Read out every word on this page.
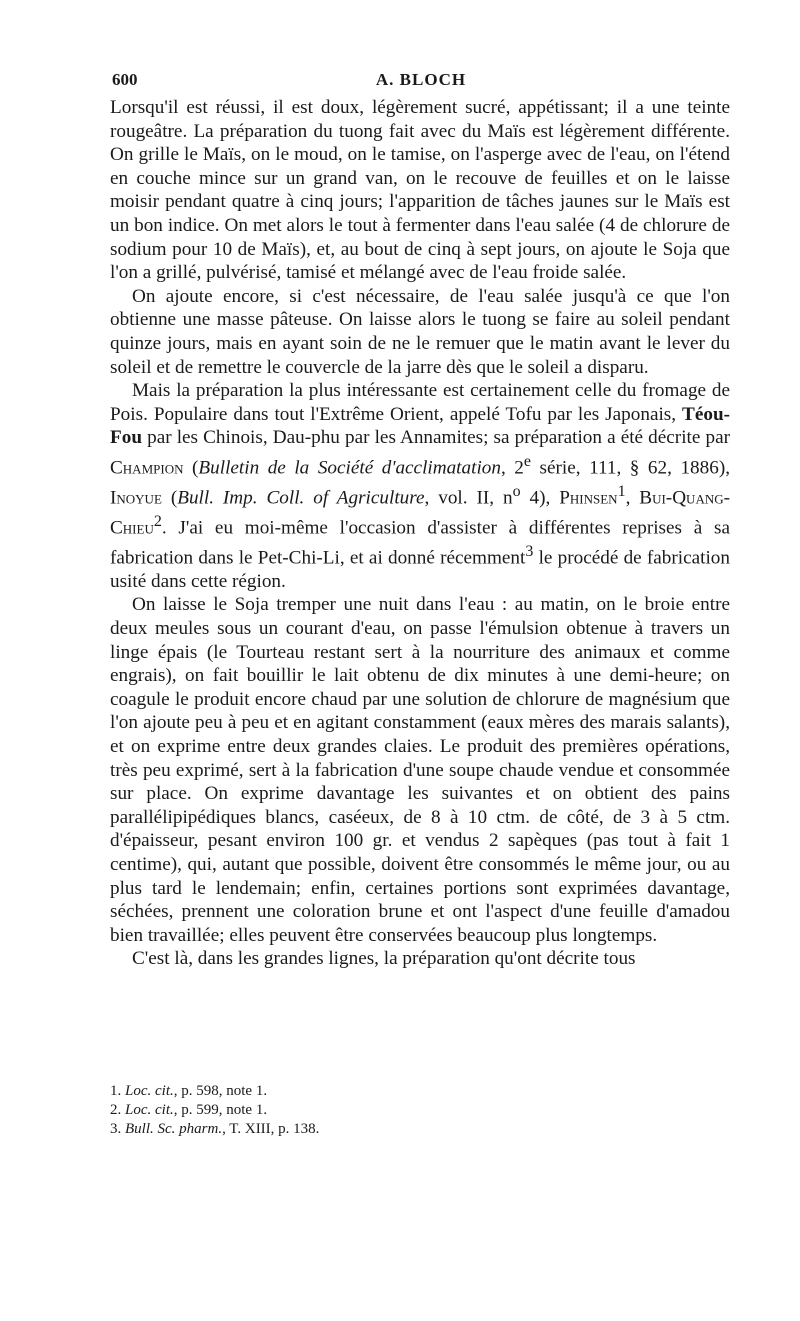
600	A. BLOCH

Lorsqu'il est réussi, il est doux, légèrement sucré, appétissant; il a une teinte rougeâtre. La préparation du tuong fait avec du Maïs est légèrement différente. On grille le Maïs, on le moud, on le tamise, on l'asperge avec de l'eau, on l'étend en couche mince sur un grand van, on le recouve de feuilles et on le laisse moisir pendant quatre à cinq jours; l'apparition de tâches jaunes sur le Maïs est un bon indice. On met alors le tout à fermenter dans l'eau salée (4 de chlorure de sodium pour 10 de Maïs), et, au bout de cinq à sept jours, on ajoute le Soja que l'on a grillé, pulvérisé, tamisé et mélangé avec de l'eau froide salée.

On ajoute encore, si c'est nécessaire, de l'eau salée jusqu'à ce que l'on obtienne une masse pâteuse. On laisse alors le tuong se faire au soleil pendant quinze jours, mais en ayant soin de ne le remuer que le matin avant le lever du soleil et de remettre le couvercle de la jarre dès que le soleil a disparu.

Mais la préparation la plus intéressante est certainement celle du fromage de Pois. Populaire dans tout l'Extrême Orient, appelé Tofu par les Japonais, Téou-Fou par les Chinois, Dau-phu par les Annamites; sa préparation a été décrite par Champion (Bulletin de la Société d'acclimatation, 2e série, 111, § 62, 1886), Inoyue (Bull. Imp. Coll. of Agriculture, vol. II, $n^o$ 4), Phinsen$^1$, Bui-Quang-Chieu$^2$. J'ai eu moi-même l'occasion d'assister à différentes reprises à sa fabrication dans le Pet-Chi-Li, et ai donné récemment$^3$ le procédé de fabrication usité dans cette région.

On laisse le Soja tremper une nuit dans l'eau : au matin, on le broie entre deux meules sous un courant d'eau, on passe l'émulsion obtenue à travers un linge épais (le Tourteau restant sert à la nourriture des animaux et comme engrais), on fait bouillir le lait obtenu de dix minutes à une demi-heure; on coagule le produit encore chaud par une solution de chlorure de magnésium que l'on ajoute peu à peu et en agitant constamment (eaux mères des marais salants), et on exprime entre deux grandes claies. Le produit des premières opérations, très peu exprimé, sert à la fabrication d'une soupe chaude vendue et consommée sur place. On exprime davantage les suivantes et on obtient des pains parallélipipédiques blancs, caséeux, de 8 à 10 ctm. de côté, de 3 à 5 ctm. d'épaisseur, pesant environ 100 gr. et vendus 2 sapèques (pas tout à fait 1 centime), qui, autant que possible, doivent être consommés le même jour, ou au plus tard le lendemain; enfin, certaines portions sont exprimées davantage, séchées, prennent une coloration brune et ont l'aspect d'une feuille d'amadou bien travaillée; elles peuvent être conservées beaucoup plus longtemps.

C'est là, dans les grandes lignes, la préparation qu'ont décrite tous

1. Loc. cit., p. 598, note 1.
2. Loc. cit., p. 599, note 1.
3. Bull. Sc. pharm., T. XIII, p. 138.
